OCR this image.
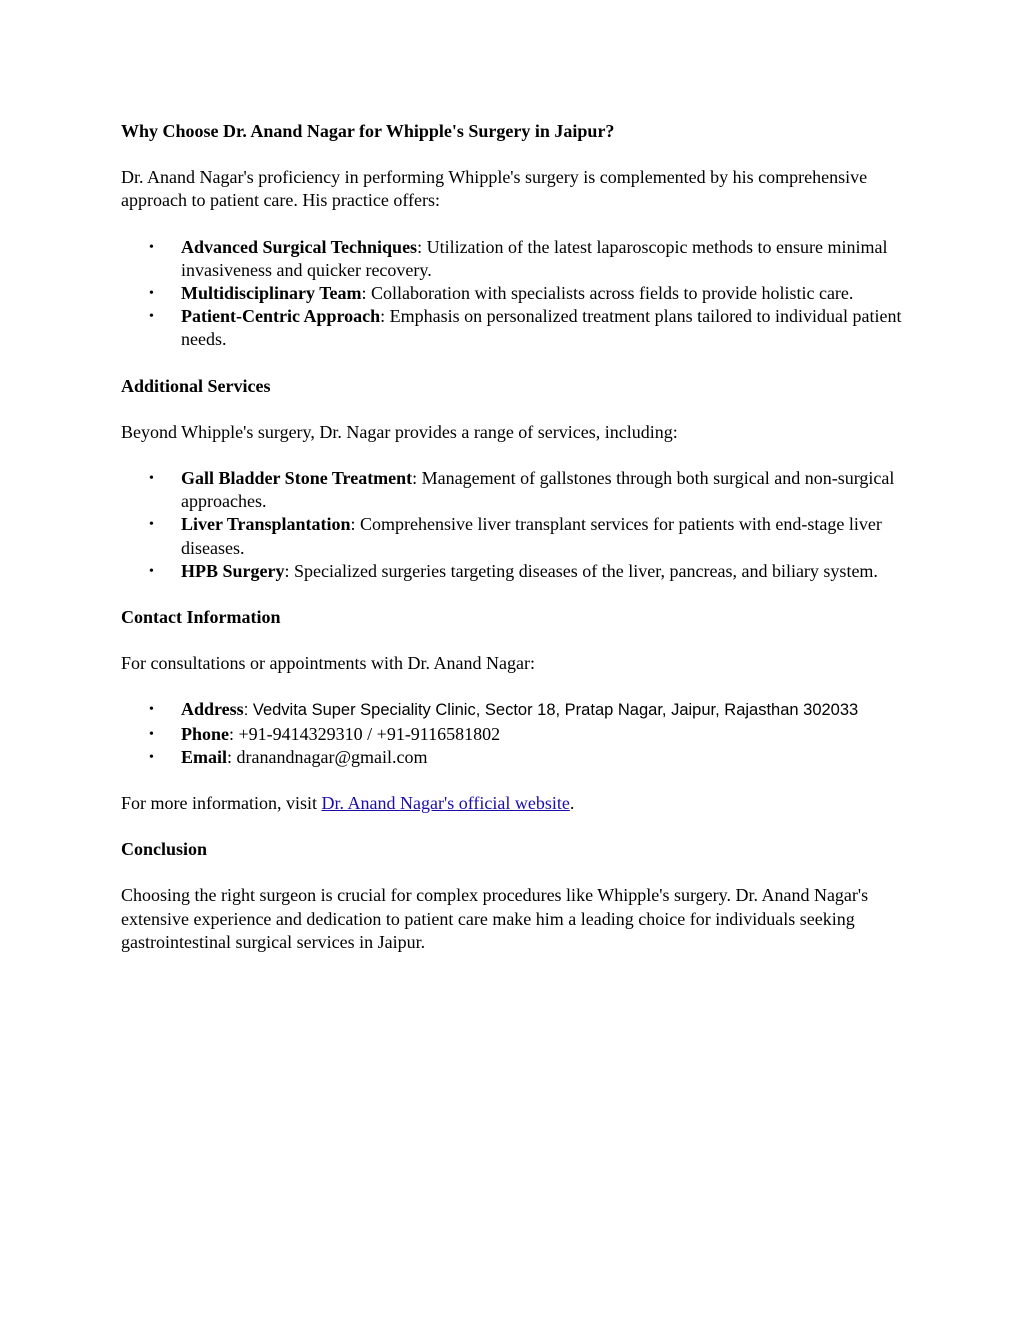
Why Choose Dr. Anand Nagar for Whipple's Surgery in Jaipur?

Dr. Anand Nagar's proficiency in performing Whipple's surgery is complemented by his comprehensive approach to patient care. His practice offers:

• Advanced Surgical Techniques: Utilization of the latest laparoscopic methods to ensure minimal invasiveness and quicker recovery.
• Multidisciplinary Team: Collaboration with specialists across fields to provide holistic care.
• Patient-Centric Approach: Emphasis on personalized treatment plans tailored to individual patient needs.
Additional Services

Beyond Whipple's surgery, Dr. Nagar provides a range of services, including:

• Gall Bladder Stone Treatment: Management of gallstones through both surgical and non-surgical approaches.
• Liver Transplantation: Comprehensive liver transplant services for patients with end-stage liver diseases.
• HPB Surgery: Specialized surgeries targeting diseases of the liver, pancreas, and biliary system.
Contact Information

For consultations or appointments with Dr. Anand Nagar:

• Address: Vedvita Super Speciality Clinic, Sector 18, Pratap Nagar, Jaipur, Rajasthan 302033
• Phone: +91-9414329310 / +91-9116581802
• Email: dranandnagar@gmail.com

For more information, visit Dr. Anand Nagar's official website.

Conclusion

Choosing the right surgeon is crucial for complex procedures like Whipple's surgery. Dr. Anand Nagar's extensive experience and dedication to patient care make him a leading choice for individuals seeking gastrointestinal surgical services in Jaipur.
